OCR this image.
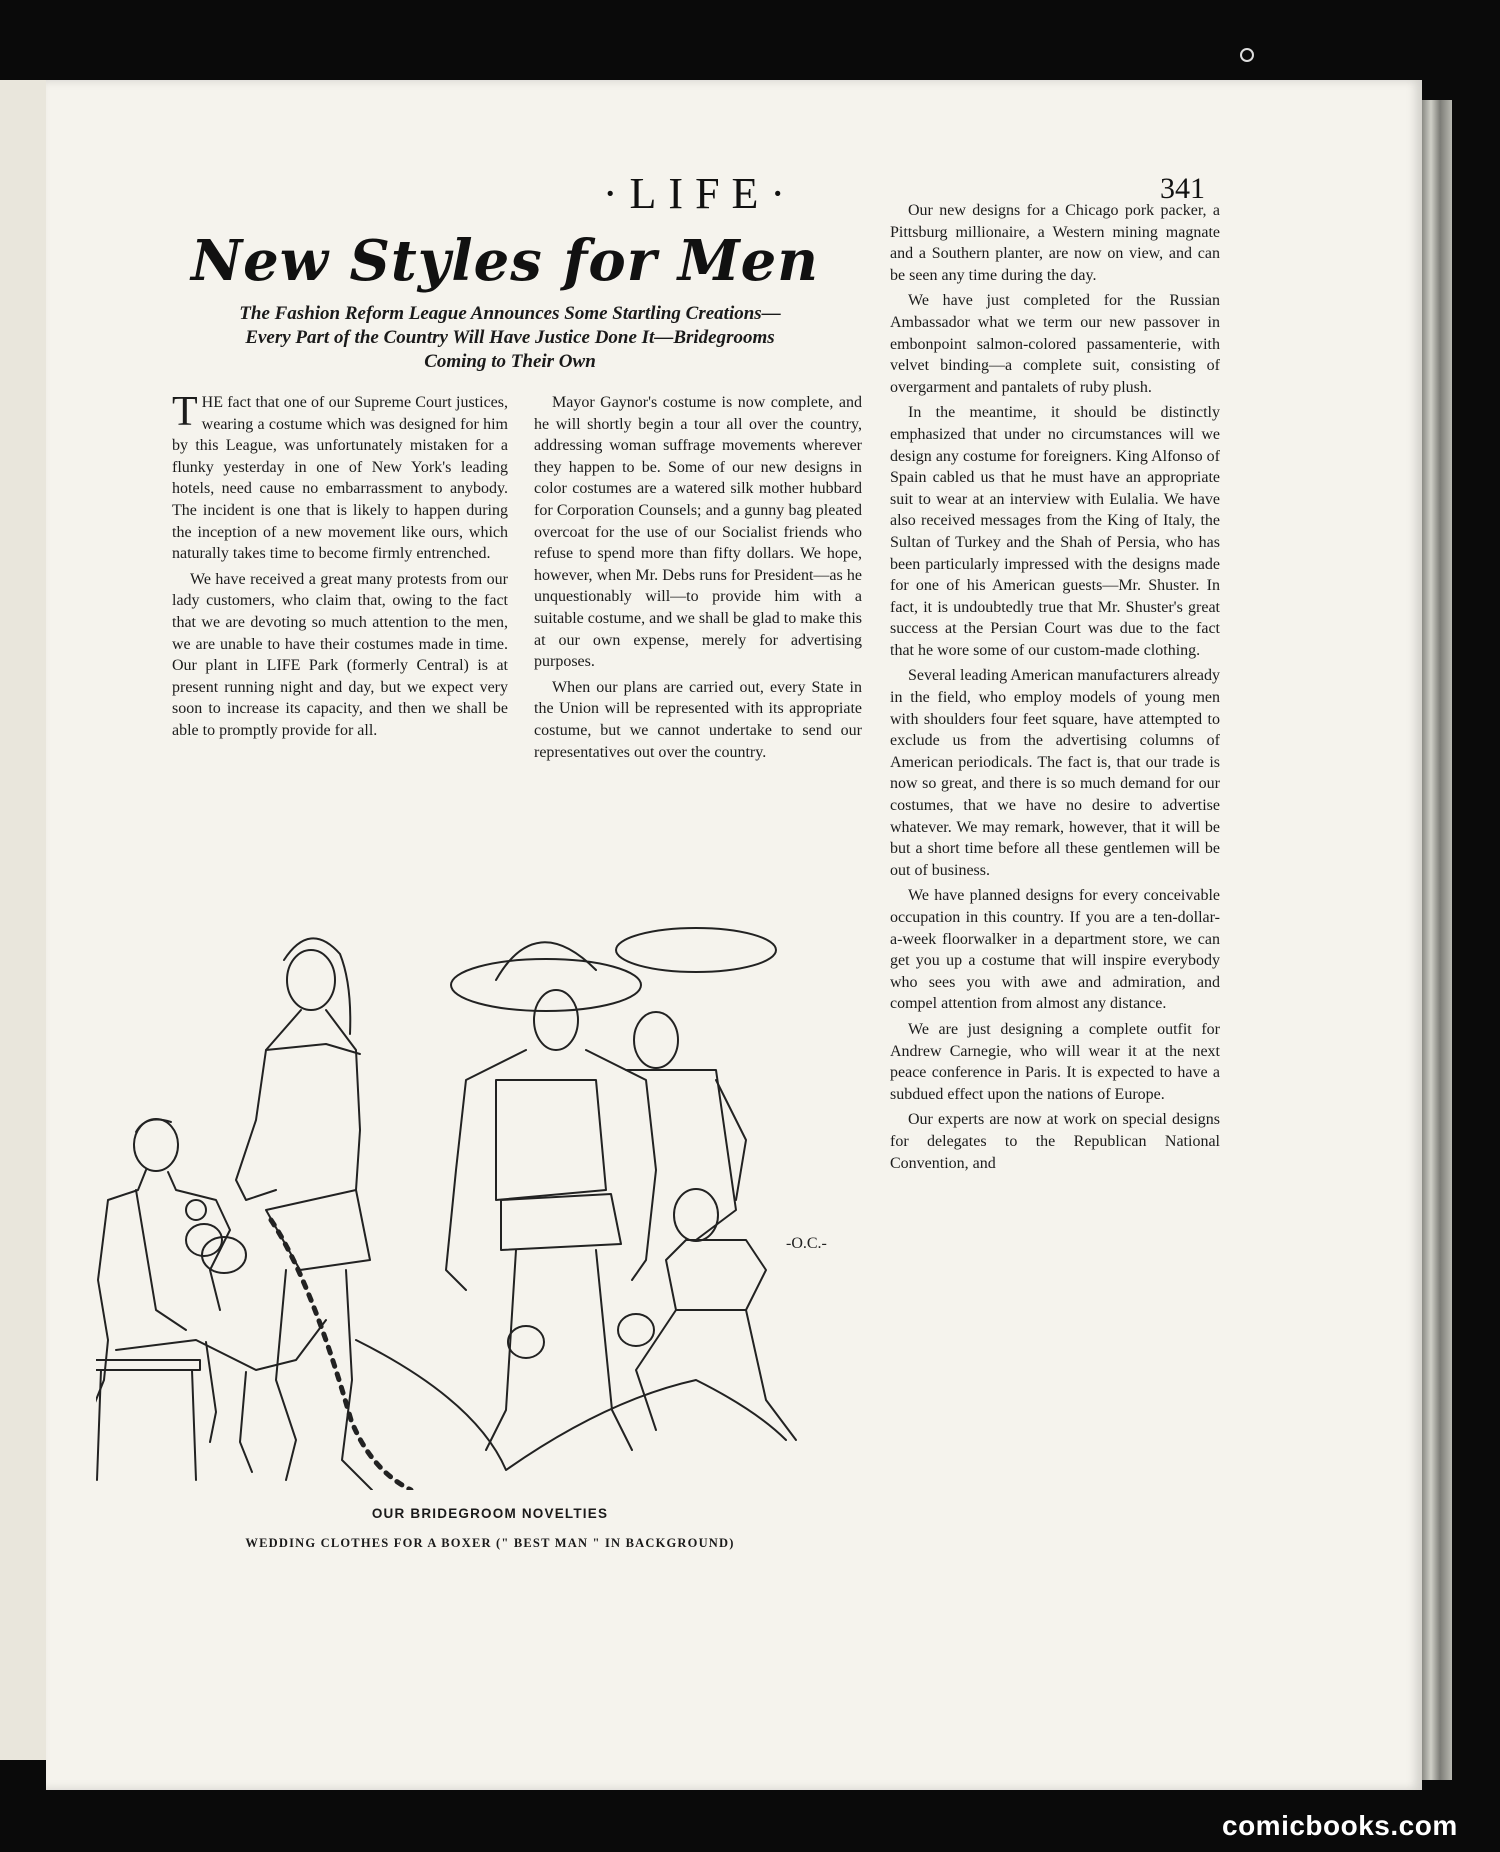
·LIFE·	341
New Styles for Men
The Fashion Reform League Announces Some Startling Creations—
Every Part of the Country Will Have Justice Done It—Bridegrooms
Coming to Their Own

THE fact that one of our Supreme Court justices, wearing a costume which was designed for him by this League, was unfortunately mistaken for a flunky yesterday in one of New York's leading hotels, need cause no embarrassment to anybody. The incident is one that is likely to happen during the inception of a new movement like ours, which naturally takes time to become firmly entrenched.

We have received a great many protests from our lady customers, who claim that, owing to the fact that we are devoting so much attention to the men, we are unable to have their costumes made in time. Our plant in LIFE Park (formerly Central) is at present running night and day, but we expect very soon to increase its capacity, and then we shall be able to promptly provide for all.

Mayor Gaynor's costume is now complete, and he will shortly begin a tour all over the country, addressing woman suffrage movements wherever they happen to be. Some of our new designs in color costumes are a watered silk mother hubbard for Corporation Counsels; and a gunny bag pleated overcoat for the use of our Socialist friends who refuse to spend more than fifty dollars. We hope, however, when Mr. Debs runs for President—as he unquestionably will—to provide him with a suitable costume, and we shall be glad to make this at our own expense, merely for advertising purposes.

When our plans are carried out, every State in the Union will be represented with its appropriate costume, but we cannot undertake to send our representatives out over the country.

Our new designs for a Chicago pork packer, a Pittsburg millionaire, a Western mining magnate and a Southern planter, are now on view, and can be seen any time during the day.

We have just completed for the Russian Ambassador what we term our new passover in embonpoint salmon-colored passamenterie, with velvet binding—a complete suit, consisting of overgarment and pantalets of ruby plush.

In the meantime, it should be distinctly emphasized that under no circumstances will we design any costume for foreigners. King Alfonso of Spain cabled us that he must have an appropriate suit to wear at an interview with Eulalia. We have also received messages from the King of Italy, the Sultan of Turkey and the Shah of Persia, who has been particularly impressed with the designs made for one of his American guests—Mr. Shuster. In fact, it is undoubtedly true that Mr. Shuster's great success at the Persian Court was due to the fact that he wore some of our custom-made clothing.

Several leading American manufacturers already in the field, who employ models of young men with shoulders four feet square, have attempted to exclude us from the advertising columns of American periodicals. The fact is, that our trade is now so great, and there is so much demand for our costumes, that we have no desire to advertise whatever. We may remark, however, that it will be but a short time before all these gentlemen will be out of business.

We have planned designs for every conceivable occupation in this country. If you are a ten-dollar-a-week floorwalker in a department store, we can get you up a costume that will inspire everybody who sees you with awe and admiration, and compel attention from almost any distance.

We are just designing a complete outfit for Andrew Carnegie, who will wear it at the next peace conference in Paris. It is expected to have a subdued effect upon the nations of Europe.

Our experts are now at work on special designs for delegates to the Republican National Convention, and

-O.C.-
OUR BRIDEGROOM NOVELTIES
WEDDING CLOTHES FOR A BOXER (" BEST MAN " IN BACKGROUND)
comicbooks.com
